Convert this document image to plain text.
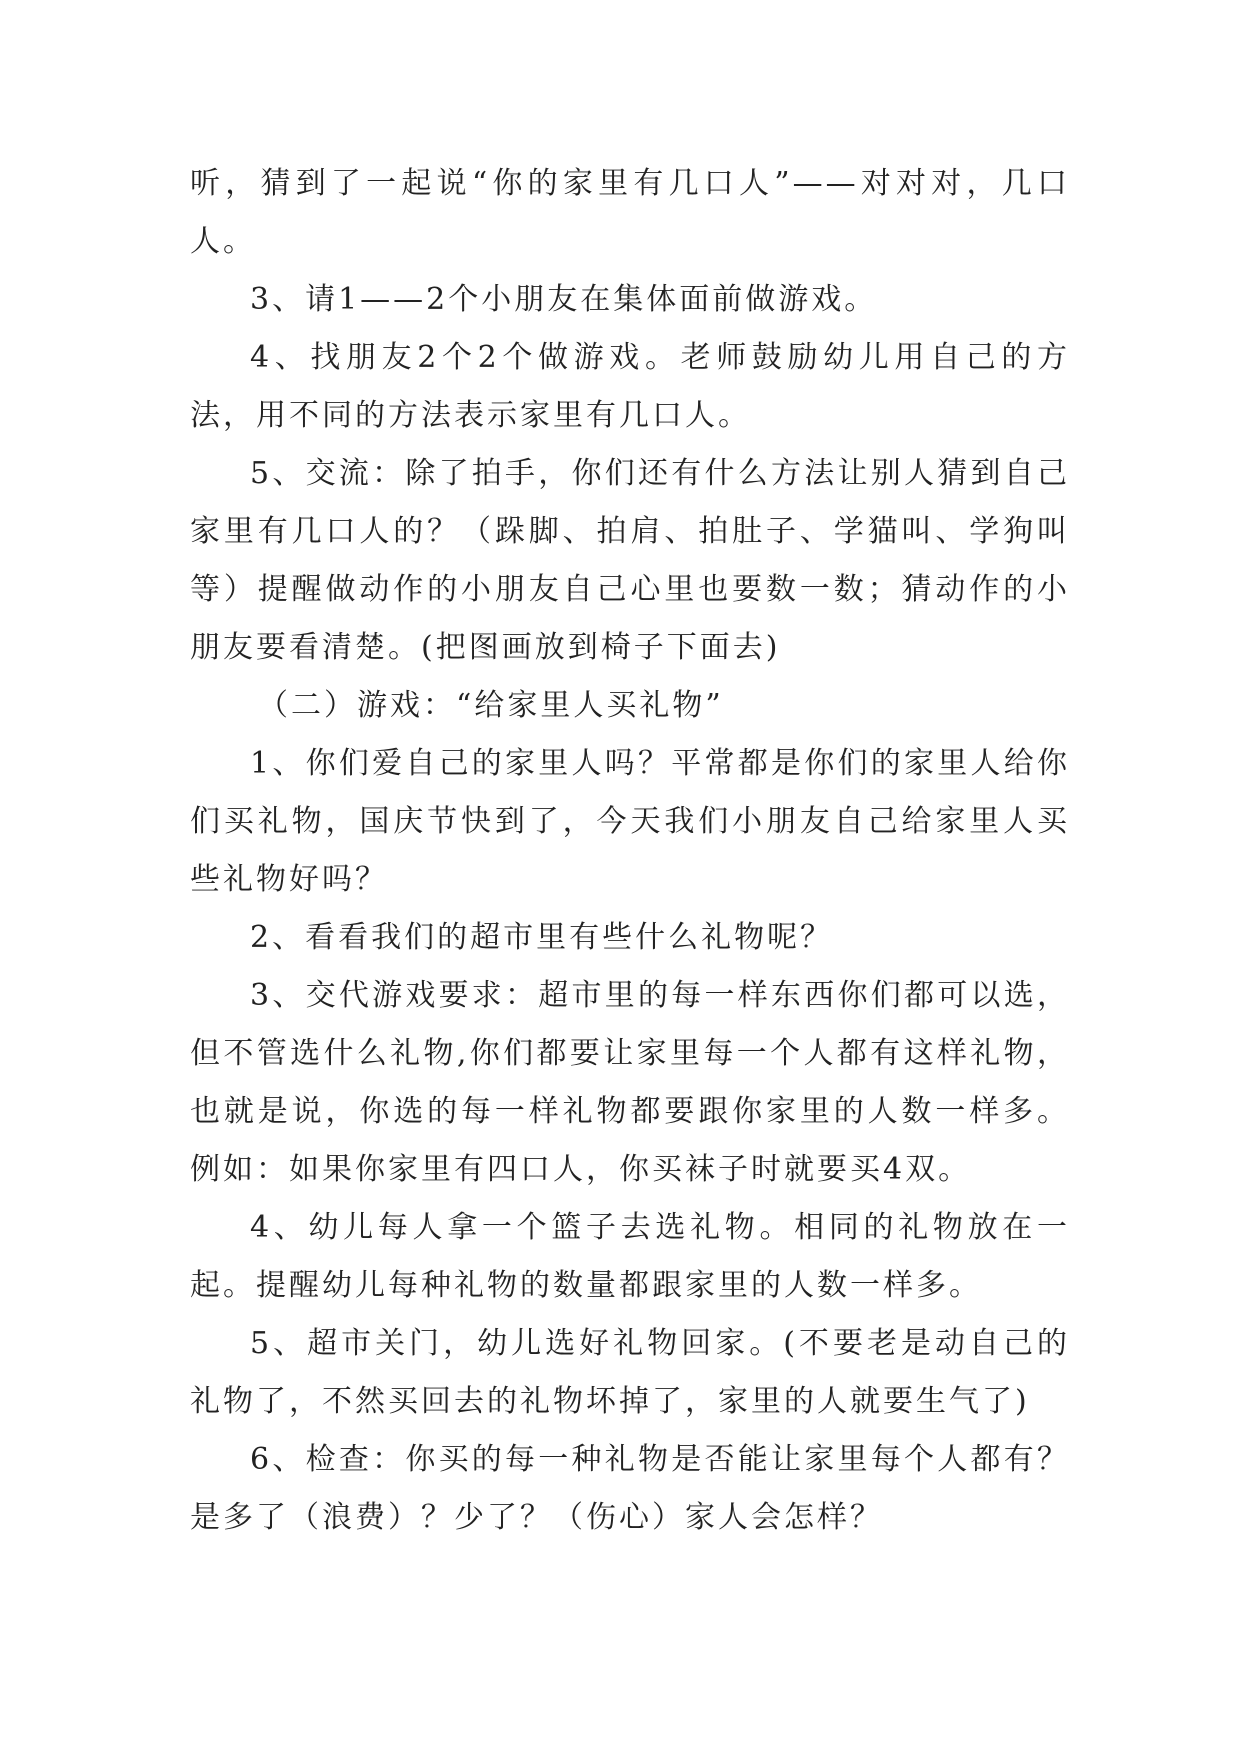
听，猜到了一起说“你的家里有几口人”——对对对，几口人。

3、请1——2个小朋友在集体面前做游戏。

4、找朋友2个2个做游戏。老师鼓励幼儿用自己的方法，用不同的方法表示家里有几口人。

5、交流：除了拍手，你们还有什么方法让别人猜到自己家里有几口人的？（跺脚、拍肩、拍肚子、学猫叫、学狗叫等）提醒做动作的小朋友自己心里也要数一数；猜动作的小朋友要看清楚。(把图画放到椅子下面去)

（二）游戏：“给家里人买礼物”

1、你们爱自己的家里人吗？平常都是你们的家里人给你们买礼物，国庆节快到了，今天我们小朋友自己给家里人买些礼物好吗？

2、看看我们的超市里有些什么礼物呢？

3、交代游戏要求：超市里的每一样东西你们都可以选，但不管选什么礼物,你们都要让家里每一个人都有这样礼物，也就是说，你选的每一样礼物都要跟你家里的人数一样多。例如：如果你家里有四口人，你买袜子时就要买4双。

4、幼儿每人拿一个篮子去选礼物。相同的礼物放在一起。提醒幼儿每种礼物的数量都跟家里的人数一样多。

5、超市关门，幼儿选好礼物回家。(不要老是动自己的礼物了，不然买回去的礼物坏掉了，家里的人就要生气了)

6、检查：你买的每一种礼物是否能让家里每个人都有？是多了（浪费）？少了？（伤心）家人会怎样？
